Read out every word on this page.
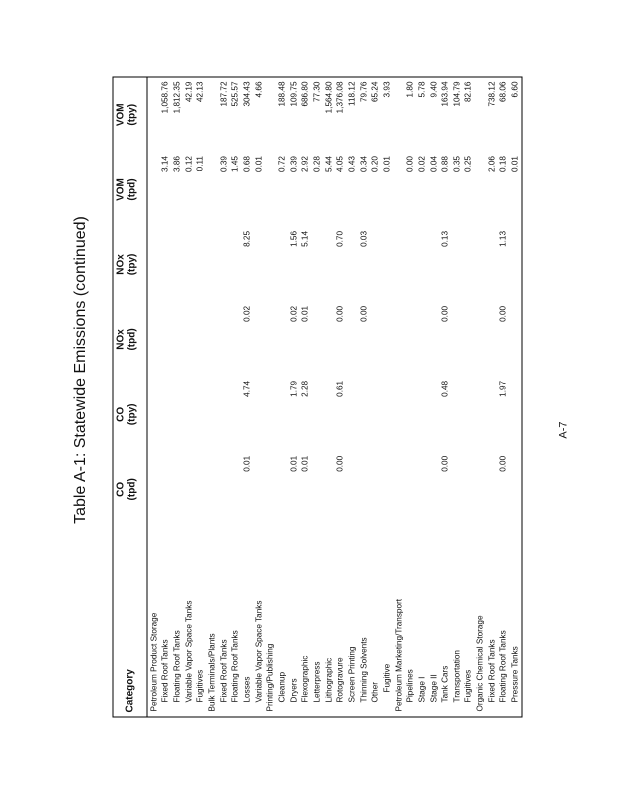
Table A-1: Statewide Emissions (continued)
Category	CO (tpd)	CO (tpy)	NOx (tpd)	NOx (tpy)	VOM (tpd)	VOM (tpy)

Petroleum Product Storage						
Fixed Roof Tanks					3.14	1,058.76
Floating Roof Tanks					3.86	1,812.35
Variable Vapor Space Tanks					0.12	42.19
Fugitives					0.11	42.13
Bulk Terminals/Plants						
Fixed Roof Tanks					0.39	187.72
Floating Roof Tanks					1.45	525.57
Losses	0.01	4.74	0.02	8.25	0.68	304.43
Variable Vapor Space Tanks					0.01	4.66
Printing/Publishing						
Cleanup					0.72	188.48
Dryers	0.01	1.79	0.02	1.56	0.39	109.75
Flexographic	0.01	2.28	0.01	5.14	2.92	686.80
Letterpress					0.28	77.30
Lithographic					5.44	1,564.80
Rotogravure	0.00	0.61	0.00	0.70	4.05	1,376.08
Screen Printing					0.43	118.12
Thinning Solvents			0.00	0.03	0.34	79.76
Other					0.20	65.24
Fugitive					0.01	3.93
Petroleum Marketing/Transport						
Pipelines					0.00	1.80
Stage I					0.02	5.78
Stage II					0.04	9.40
Tank Cars	0.00	0.48	0.00	0.13	0.88	163.94
Transportation					0.35	104.79
Fugitives					0.25	82.16
Organic Chemical Storage						
Fixed Roof Tanks					2.06	738.12
Floating Roof Tanks	0.00	1.97	0.00	1.13	0.18	68.06
Pressure Tanks					0.01	6.60
A-7
